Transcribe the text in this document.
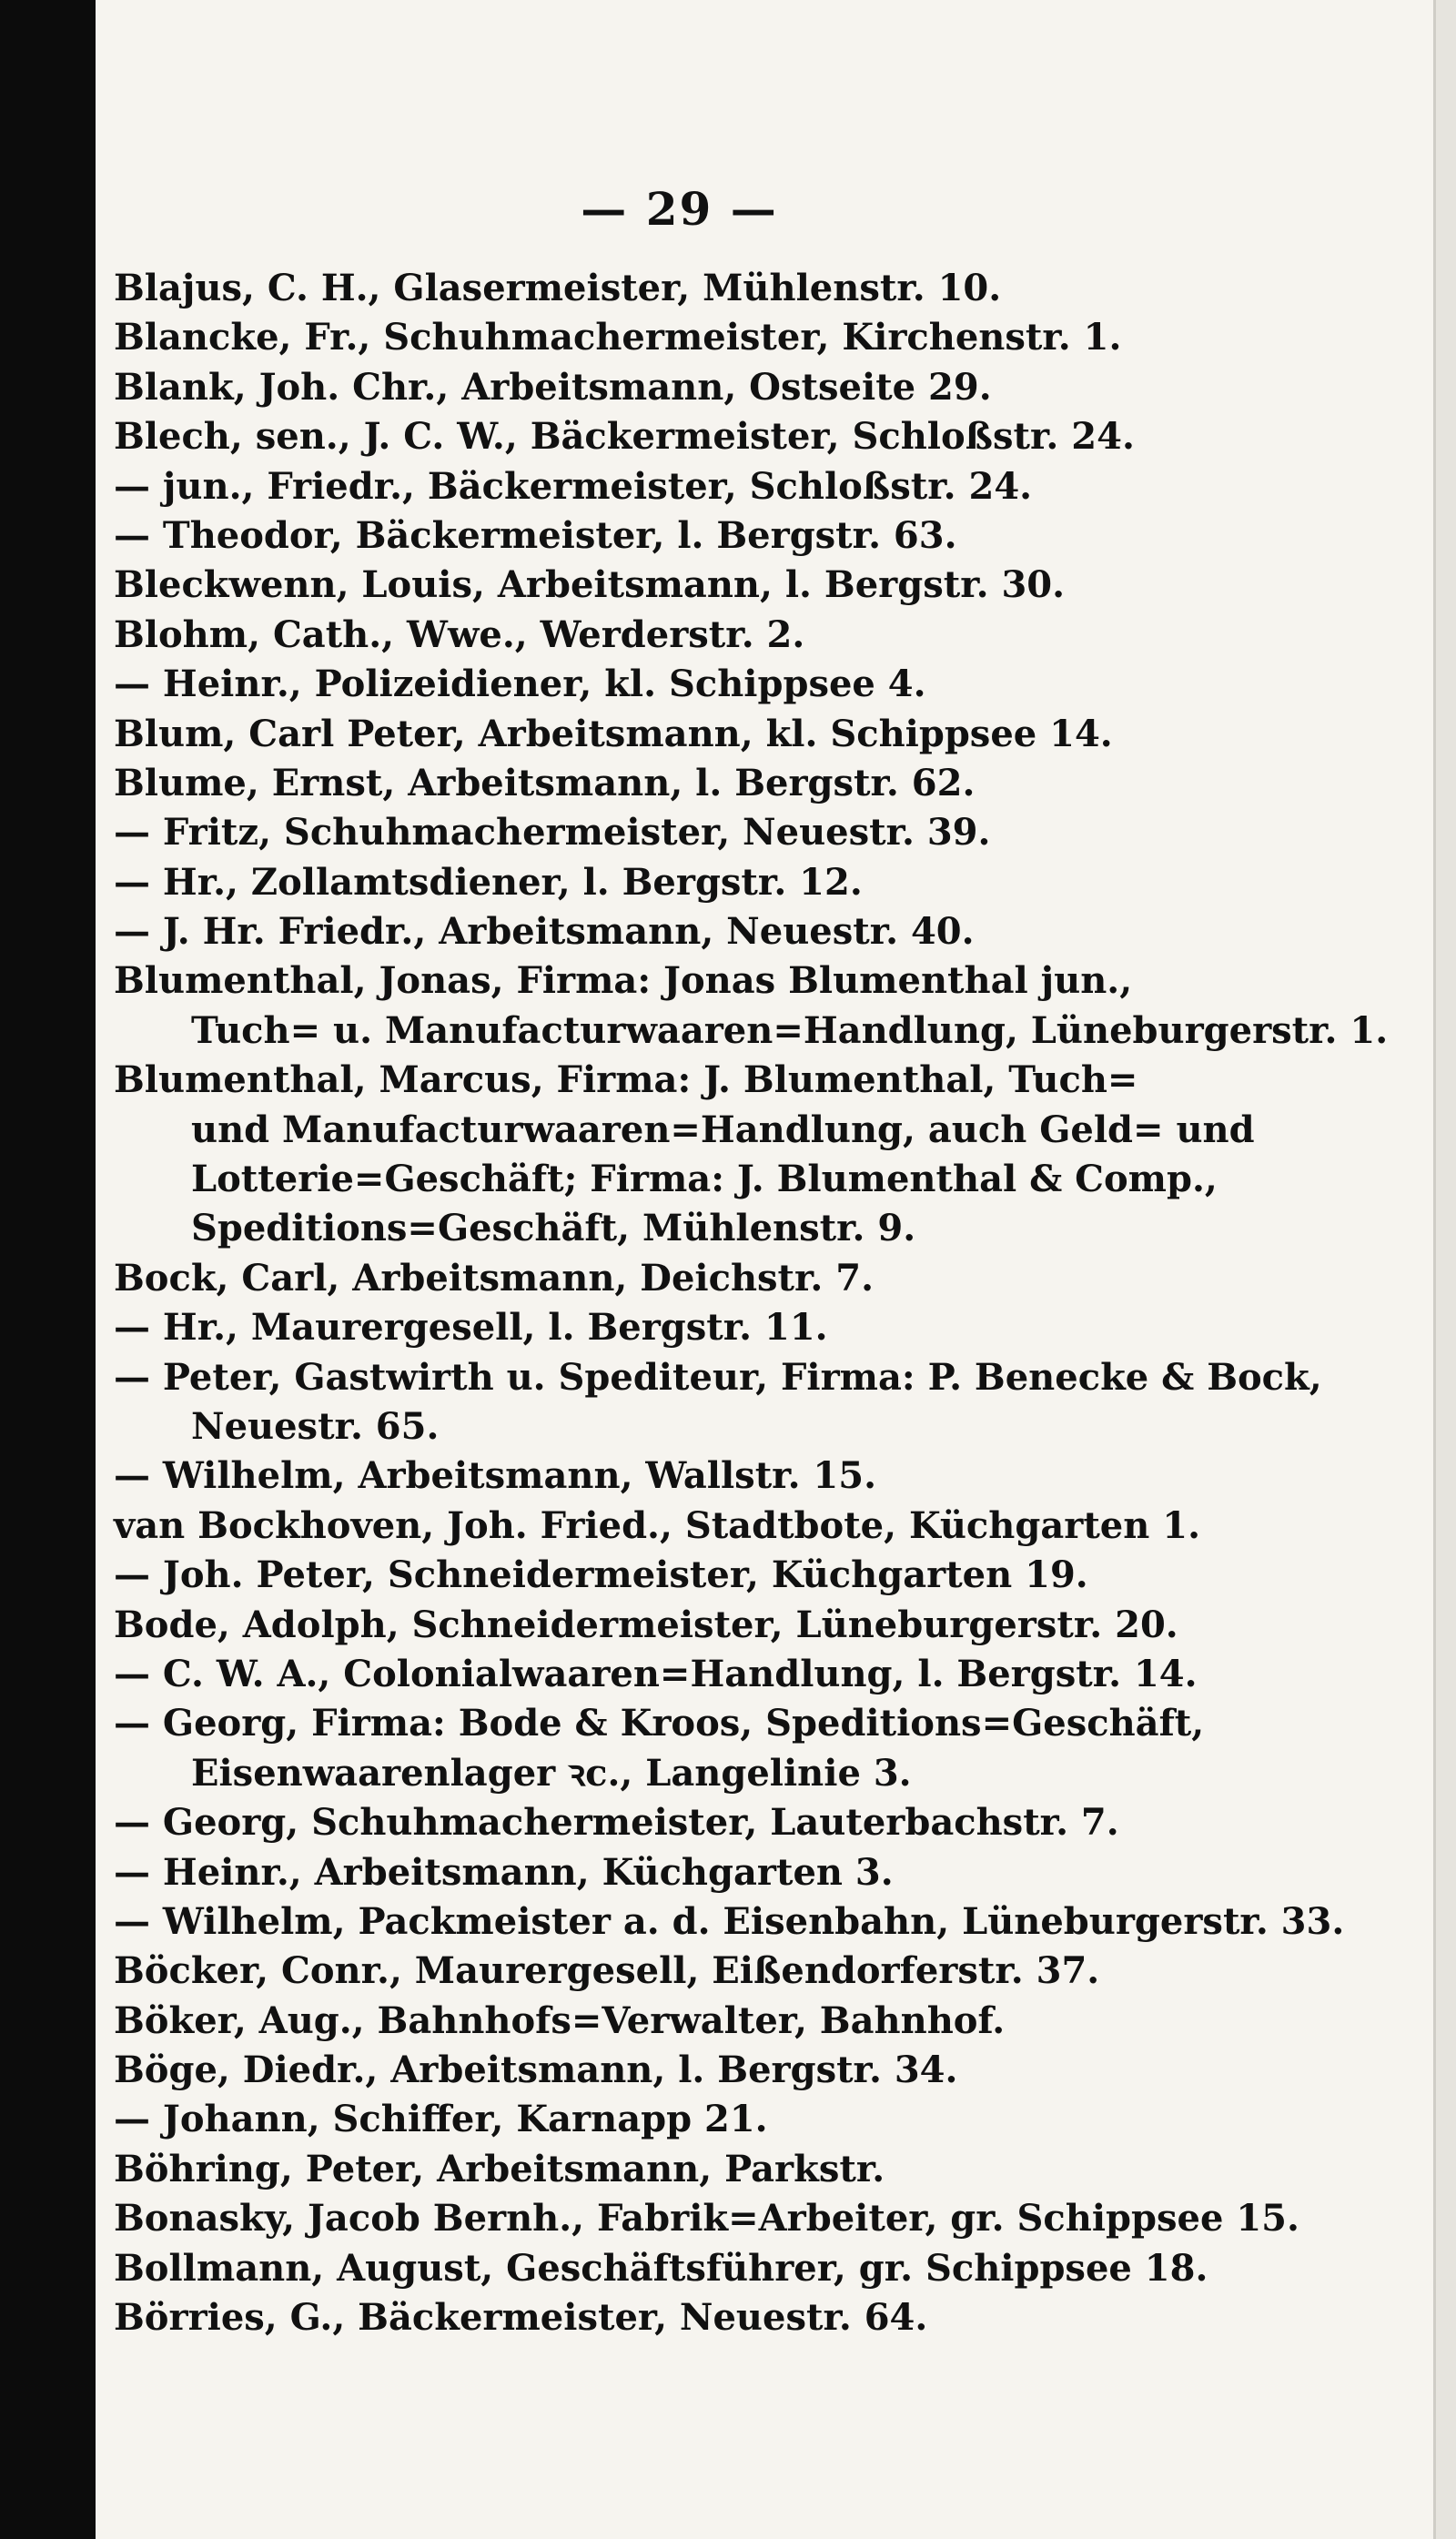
— 29 —
Blajus, C. H., Glasermeister, Mühlenstr. 10.
Blancke, Fr., Schuhmachermeister, Kirchenstr. 1.
Blank, Joh. Chr., Arbeitsmann, Ostseite 29.
Blech, sen., J. C. W., Bäckermeister, Schloßstr. 24.
— jun., Friedr., Bäckermeister, Schloßstr. 24.
— Theodor, Bäckermeister, l. Bergstr. 63.
Bleckwenn, Louis, Arbeitsmann, l. Bergstr. 30.
Blohm, Cath., Wwe., Werderstr. 2.
— Heinr., Polizeidiener, kl. Schippsee 4.
Blum, Carl Peter, Arbeitsmann, kl. Schippsee 14.
Blume, Ernst, Arbeitsmann, l. Bergstr. 62.
— Fritz, Schuhmachermeister, Neuestr. 39.
— Hr., Zollamtsdiener, l. Bergstr. 12.
— J. Hr. Friedr., Arbeitsmann, Neuestr. 40.
Blumenthal, Jonas, Firma: Jonas Blumenthal jun.,
Tuch= u. Manufacturwaaren=Handlung, Lüneburgerstr. 1.
Blumenthal, Marcus, Firma: J. Blumenthal, Tuch=
und Manufacturwaaren=Handlung, auch Geld= und
Lotterie=Geschäft; Firma: J. Blumenthal & Comp.,
Speditions=Geschäft, Mühlenstr. 9.
Bock, Carl, Arbeitsmann, Deichstr. 7.
— Hr., Maurergesell, l. Bergstr. 11.
— Peter, Gastwirth u. Spediteur, Firma: P. Benecke & Bock,
Neuestr. 65.
— Wilhelm, Arbeitsmann, Wallstr. 15.
van Bockhoven, Joh. Fried., Stadtbote, Küchgarten 1.
— Joh. Peter, Schneidermeister, Küchgarten 19.
Bode, Adolph, Schneidermeister, Lüneburgerstr. 20.
— C. W. A., Colonialwaaren=Handlung, l. Bergstr. 14.
— Georg, Firma: Bode & Kroos, Speditions=Geschäft,
Eisenwaarenlager ꝛc., Langelinie 3.
— Georg, Schuhmachermeister, Lauterbachstr. 7.
— Heinr., Arbeitsmann, Küchgarten 3.
— Wilhelm, Packmeister a. d. Eisenbahn, Lüneburgerstr. 33.
Böcker, Conr., Maurergesell, Eißendorferstr. 37.
Böker, Aug., Bahnhofs=Verwalter, Bahnhof.
Böge, Diedr., Arbeitsmann, l. Bergstr. 34.
— Johann, Schiffer, Karnapp 21.
Böhring, Peter, Arbeitsmann, Parkstr.
Bonasky, Jacob Bernh., Fabrik=Arbeiter, gr. Schippsee 15.
Bollmann, August, Geschäftsführer, gr. Schippsee 18.
Börries, G., Bäckermeister, Neuestr. 64.
